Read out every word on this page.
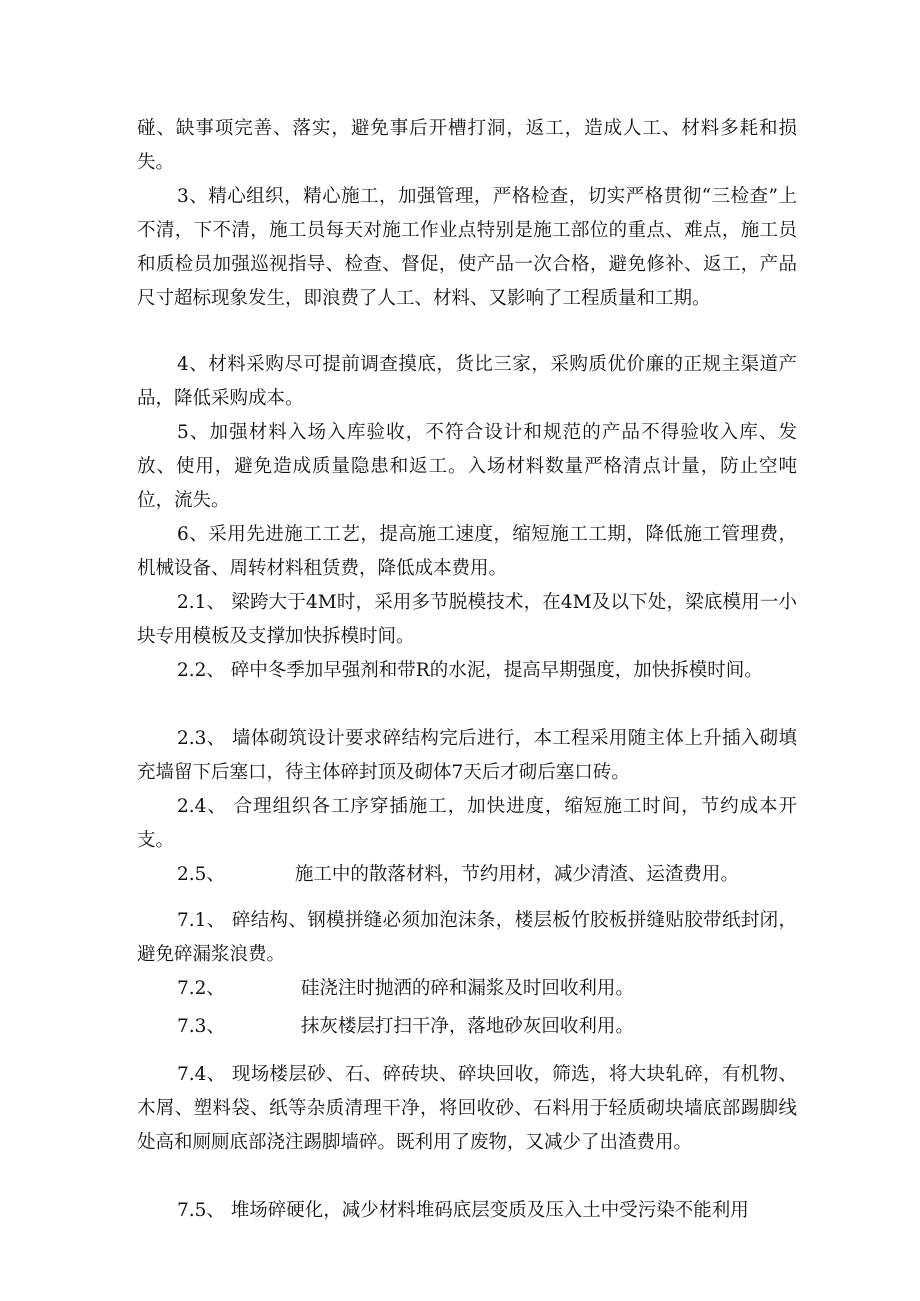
碰、缺事项完善、落实，避免事后开槽打洞，返工，造成人工、材料多耗和损失。

3、精心组织，精心施工，加强管理，严格检查，切实严格贯彻“三检查”上不清，下不清，施工员每天对施工作业点特别是施工部位的重点、难点，施工员和质检员加强巡视指导、检查、督促，使产品一次合格，避免修补、返工，产品尺寸超标现象发生，即浪费了人工、材料、又影响了工程质量和工期。

4、材料采购尽可提前调查摸底，货比三家，采购质优价廉的正规主渠道产品，降低采购成本。

5、加强材料入场入库验收，不符合设计和规范的产品不得验收入库、发放、使用，避免造成质量隐患和返工。入场材料数量严格清点计量，防止空吨位，流失。

6、采用先进施工工艺，提高施工速度，缩短施工工期，降低施工管理费，机械设备、周转材料租赁费，降低成本费用。

2.1、 梁跨大于4M时，采用多节脱模技术，在4M及以下处，梁底模用一小块专用模板及支撑加快拆模时间。

2.2、 碎中冬季加早强剂和带R的水泥，提高早期强度，加快拆模时间。

2.3、 墙体砌筑设计要求碎结构完后进行，本工程采用随主体上升插入砌填充墙留下后塞口，待主体碎封顶及砌体7天后才砌后塞口砖。

2.4、 合理组织各工序穿插施工，加快进度，缩短施工时间，节约成本开支。

2.5、	施工中的散落材料，节约用材，减少清渣、运渣费用。

7.1、 碎结构、钢模拼缝必须加泡沫条，楼层板竹胶板拼缝贴胶带纸封闭，避免碎漏浆浪费。

7.2、	硅浇注时抛洒的碎和漏浆及时回收利用。

7.3、	抹灰楼层打扫干净，落地砂灰回收利用。

7.4、 现场楼层砂、石、碎砖块、碎块回收，筛选，将大块轧碎，有机物、木屑、塑料袋、纸等杂质清理干净，将回收砂、石料用于轻质砌块墙底部踢脚线处高和厕厕底部浇注踢脚墙碎。既利用了废物，又减少了出渣费用。

7.5、 堆场碎硬化，减少材料堆码底层变质及压入土中受污染不能利用
